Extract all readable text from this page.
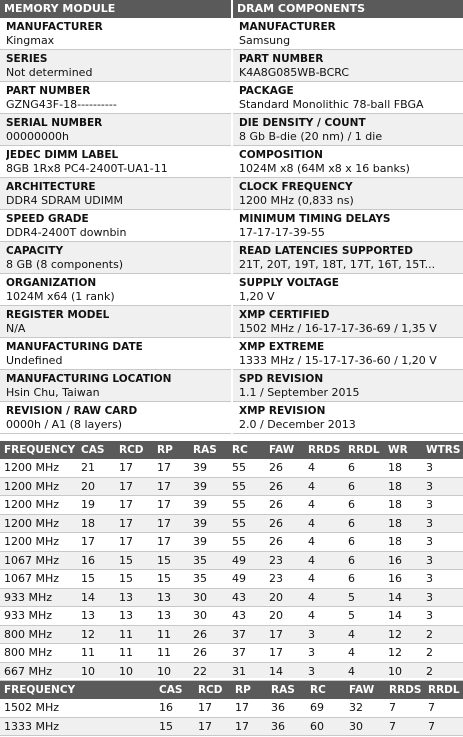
MEMORY MODULE
MANUFACTURER
Kingmax
SERIES
Not determined
PART NUMBER
GZNG43F-18----------
SERIAL NUMBER
00000000h
JEDEC DIMM LABEL
8GB 1Rx8 PC4-2400T-UA1-11
ARCHITECTURE
DDR4 SDRAM UDIMM
SPEED GRADE
DDR4-2400T downbin
CAPACITY
8 GB (8 components)
ORGANIZATION
1024M x64 (1 rank)
REGISTER MODEL
N/A
MANUFACTURING DATE
Undefined
MANUFACTURING LOCATION
Hsin Chu, Taiwan
REVISION / RAW CARD
0000h / A1 (8 layers)
DRAM COMPONENTS
MANUFACTURER
Samsung
PART NUMBER
K4A8G085WB-BCRC
PACKAGE
Standard Monolithic 78-ball FBGA
DIE DENSITY / COUNT
8 Gb B-die (20 nm) / 1 die
COMPOSITION
1024M x8 (64M x8 x 16 banks)
CLOCK FREQUENCY
1200 MHz (0,833 ns)
MINIMUM TIMING DELAYS
17-17-17-39-55
READ LATENCIES SUPPORTED
21T, 20T, 19T, 18T, 17T, 16T, 15T...
SUPPLY VOLTAGE
1,20 V
XMP CERTIFIED
1502 MHz / 16-17-17-36-69 / 1,35 V
XMP EXTREME
1333 MHz / 15-17-17-36-60 / 1,20 V
SPD REVISION
1.1 / September 2015
XMP REVISION
2.0 / December 2013
FREQUENCY	CAS	RCD	RP	RAS	RC	FAW	RRDS	RRDL	WR	WTRS
1200 MHz	21	17	17	39	55	26	4	6	18	3
1200 MHz	20	17	17	39	55	26	4	6	18	3
1200 MHz	19	17	17	39	55	26	4	6	18	3
1200 MHz	18	17	17	39	55	26	4	6	18	3
1200 MHz	17	17	17	39	55	26	4	6	18	3
1067 MHz	16	15	15	35	49	23	4	6	16	3
1067 MHz	15	15	15	35	49	23	4	6	16	3
933 MHz	14	13	13	30	43	20	4	5	14	3
933 MHz	13	13	13	30	43	20	4	5	14	3
800 MHz	12	11	11	26	37	17	3	4	12	2
800 MHz	11	11	11	26	37	17	3	4	12	2
667 MHz	10	10	10	22	31	14	3	4	10	2
FREQUENCY	CAS	RCD	RP	RAS	RC	FAW	RRDS	RRDL
1502 MHz	16	17	17	36	69	32	7	7
1333 MHz	15	17	17	36	60	30	7	7
